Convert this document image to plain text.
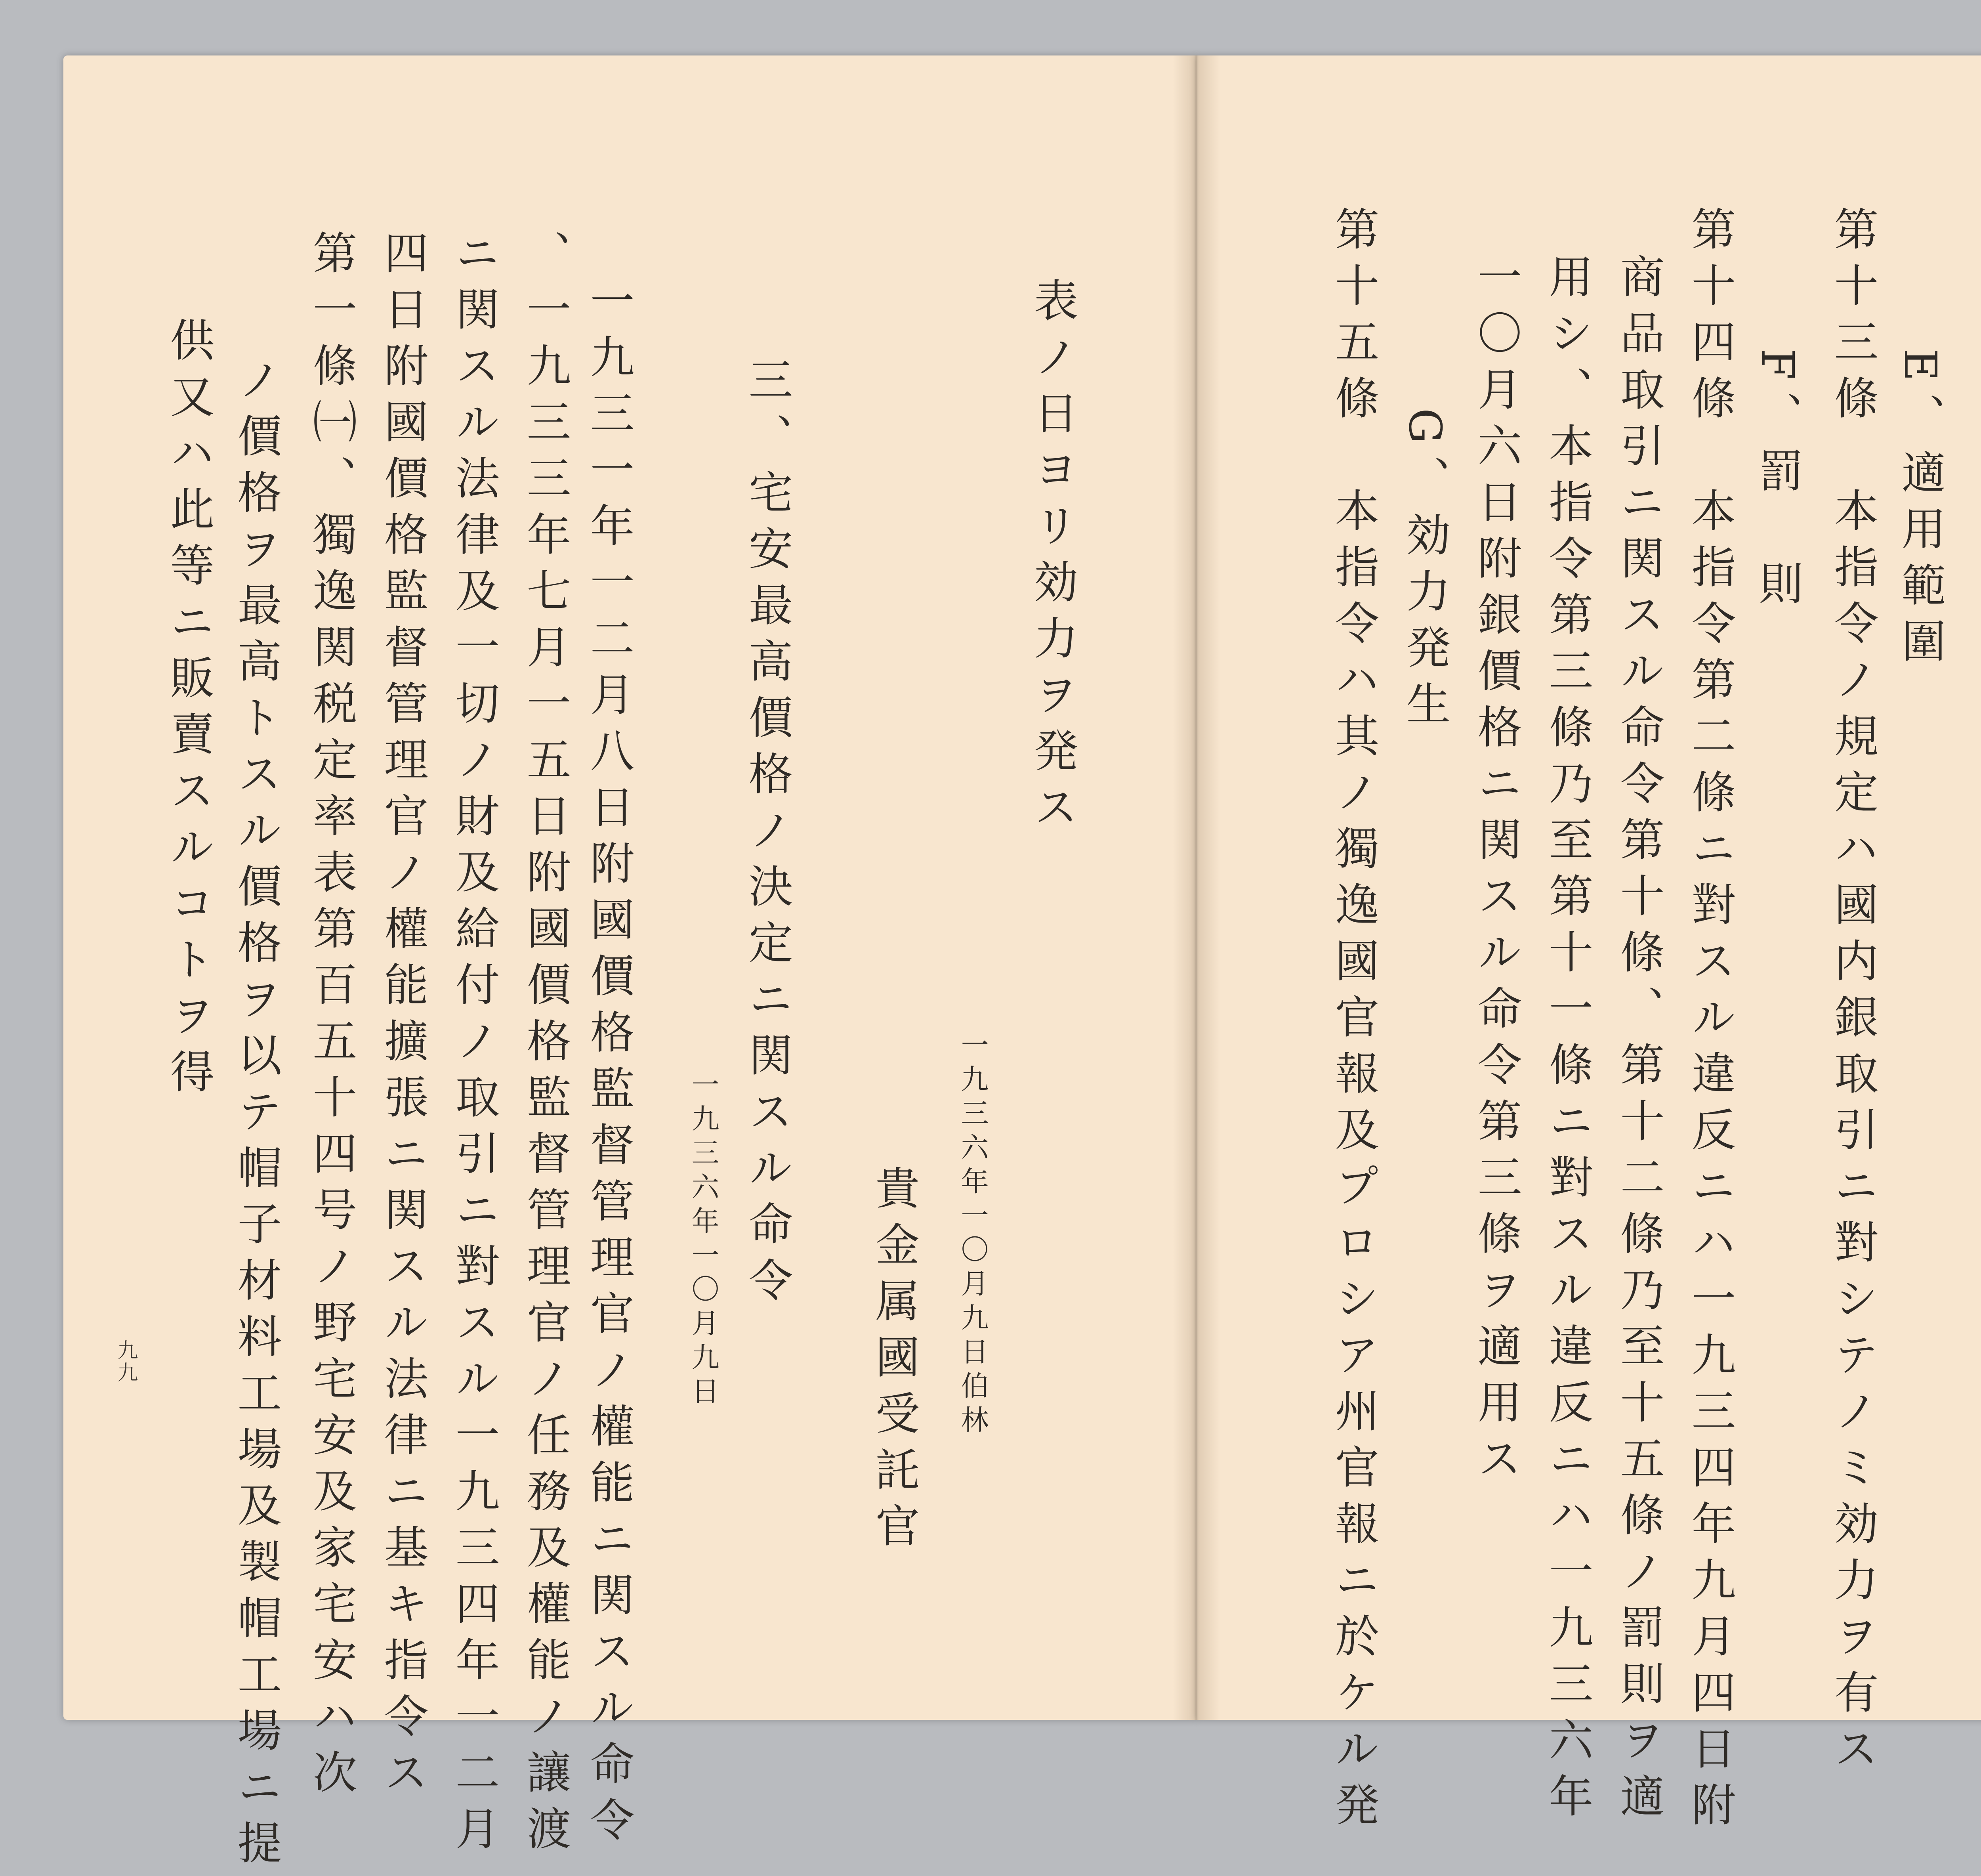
表ノ日ヨリ効力ヲ発ス
一九三六年一〇月九日伯林
貴金属國受託官
三、宅安最高價格ノ決定ニ関スル命令
一九三六年一〇月九日
一九三一年一二月八日附國價格監督管理官ノ權能ニ関スル命令
、一九三三年七月一五日附國價格監督管理官ノ任務及權能ノ讓渡
ニ関スル法律及一切ノ財及給付ノ取引ニ對スル一九三四年一二月
四日附國價格監督管理官ノ權能擴張ニ関スル法律ニ基キ指令ス
第一條㈠、獨逸関税定率表第百五十四号ノ野宅安及家宅安ハ次
ノ價格ヲ最高トスル價格ヲ以テ帽子材料工場及製帽工場ニ提
供又ハ此等ニ販賣スルコトヲ得
九九	第十三條　本指令ノ規定ハ國内銀取引ニ對シテノミ効力ヲ有ス E、適用範圍
F、罰　則
第十四條　本指令第二條ニ對スル違反ニハ一九三四年九月四日附
商品取引ニ関スル命令第十條、第十二條乃至十五條ノ罰則ヲ適
用シ、本指令第三條乃至第十一條ニ對スル違反ニハ一九三六年
一〇月六日附銀價格ニ関スル命令第三條ヲ適用ス
G、効力発生
第十五條　本指令ハ其ノ獨逸國官報及プロシア州官報ニ於ケル発
